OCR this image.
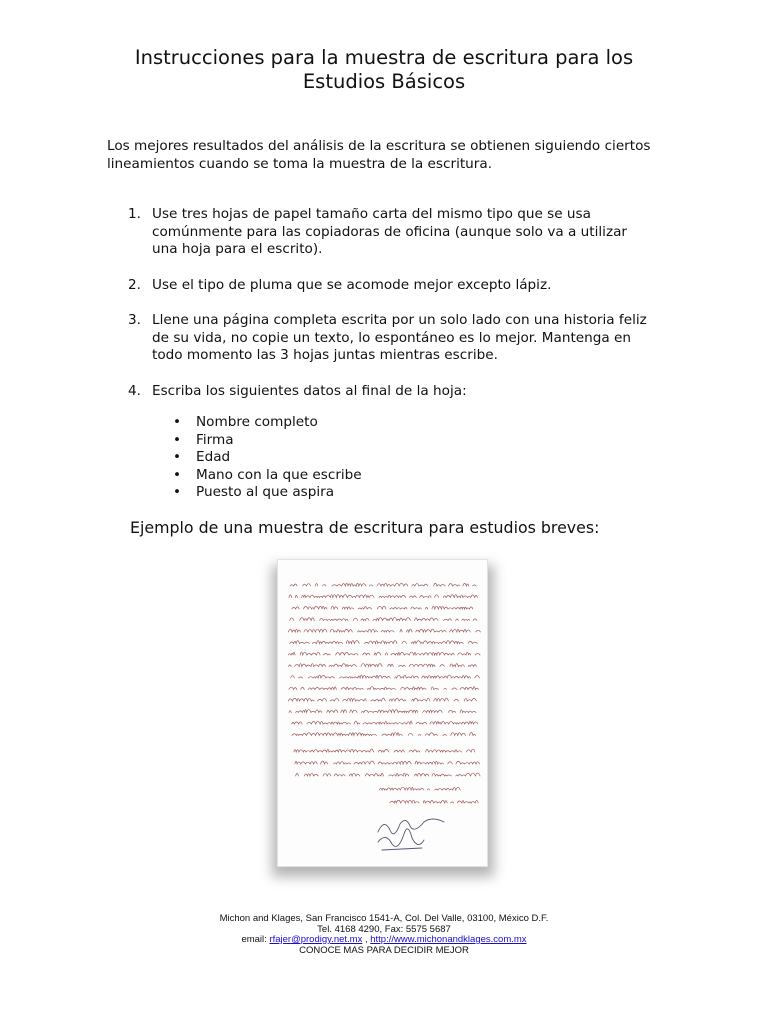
Instrucciones para la muestra de escritura para los
Estudios Básicos
Los mejores resultados del análisis de la escritura se obtienen siguiendo ciertos
lineamientos cuando se toma la muestra de la escritura.
1. Use tres hojas de papel tamaño carta del mismo tipo que se usa
comúnmente para las copiadoras de oficina (aunque solo va a utilizar
una hoja para el escrito).
2. Use el tipo de pluma que se acomode mejor excepto lápiz.
3. Llene una página completa escrita por un solo lado con una historia feliz
de su vida, no copie un texto, lo espontáneo es lo mejor. Mantenga en
todo momento las 3 hojas juntas mientras escribe.
4. Escriba los siguientes datos al final de la hoja:
• Nombre completo
• Firma
• Edad
• Mano con la que escribe
• Puesto al que aspira
Ejemplo de una muestra de escritura para estudios breves:
Michon and Klages, San Francisco 1541-A, Col. Del Valle, 03100, México D.F.
Tel. 4168 4290, Fax: 5575 5687
email: rfajer@prodigy.net.mx , http://www.michonandklages.com.mx
CONOCE MAS PARA DECIDIR MEJOR
